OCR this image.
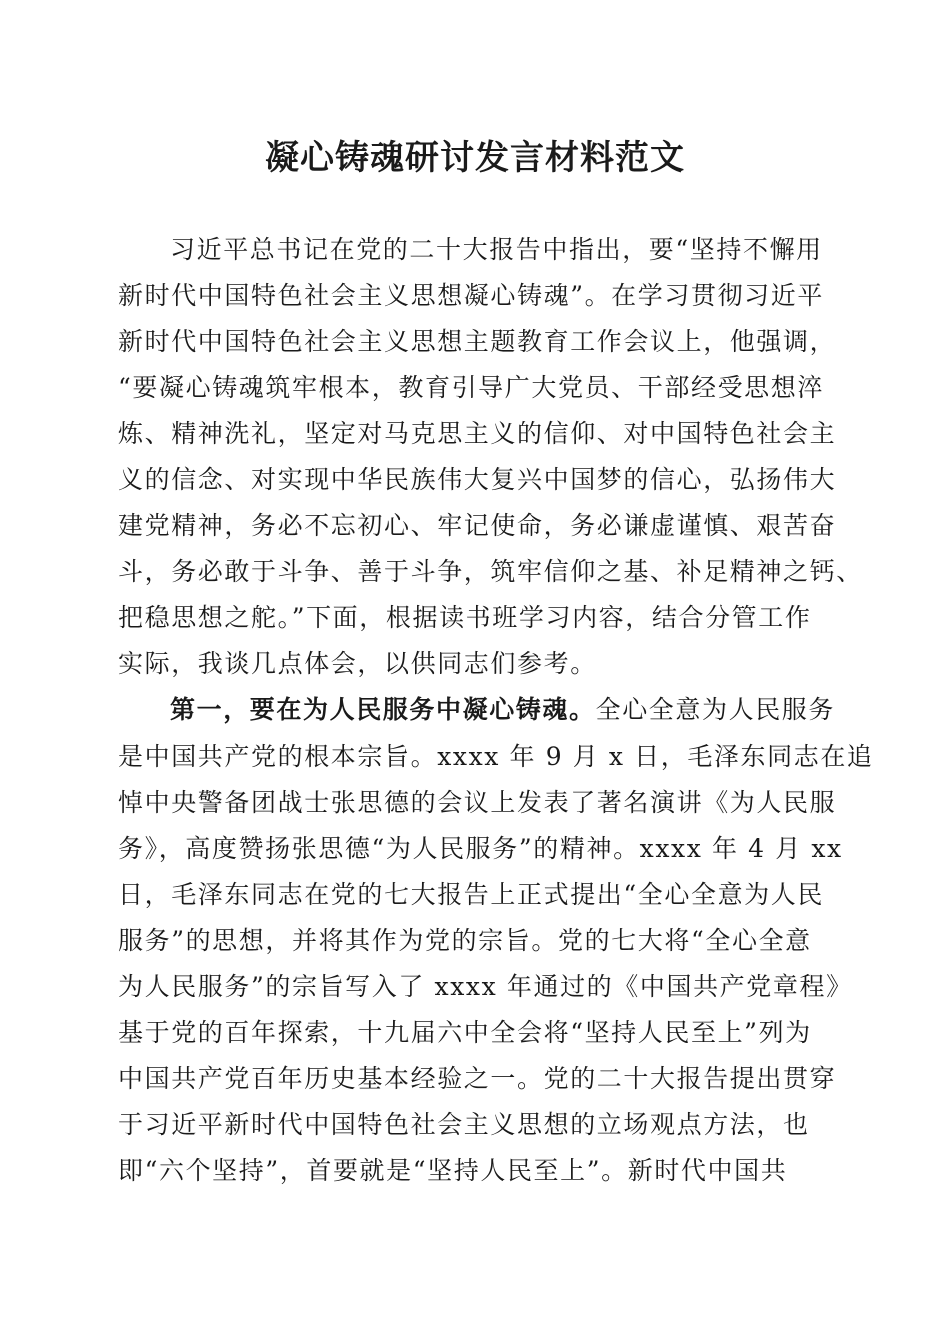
凝心铸魂研讨发言材料范文
习近平总书记在党的二十大报告中指出，要“坚持不懈用
新时代中国特色社会主义思想凝心铸魂”。在学习贯彻习近平
新时代中国特色社会主义思想主题教育工作会议上，他强调，
“要凝心铸魂筑牢根本，教育引导广大党员、干部经受思想淬
炼、精神洗礼，坚定对马克思主义的信仰、对中国特色社会主
义的信念、对实现中华民族伟大复兴中国梦的信心，弘扬伟大
建党精神，务必不忘初心、牢记使命，务必谦虚谨慎、艰苦奋
斗，务必敢于斗争、善于斗争，筑牢信仰之基、补足精神之钙、
把稳思想之舵。”下面，根据读书班学习内容，结合分管工作
实际，我谈几点体会，以供同志们参考。
第一，要在为人民服务中凝心铸魂。全心全意为人民服务
是中国共产党的根本宗旨。xxxx 年 9 月 x 日，毛泽东同志在追
悼中央警备团战士张思德的会议上发表了著名演讲《为人民服
务》，高度赞扬张思德“为人民服务”的精神。xxxx 年 4 月 xx
日，毛泽东同志在党的七大报告上正式提出“全心全意为人民
服务”的思想，并将其作为党的宗旨。党的七大将“全心全意
为人民服务”的宗旨写入了 xxxx 年通过的《中国共产党章程》
基于党的百年探索，十九届六中全会将“坚持人民至上”列为
中国共产党百年历史基本经验之一。党的二十大报告提出贯穿
于习近平新时代中国特色社会主义思想的立场观点方法，也
即“六个坚持”，首要就是“坚持人民至上”。新时代中国共
